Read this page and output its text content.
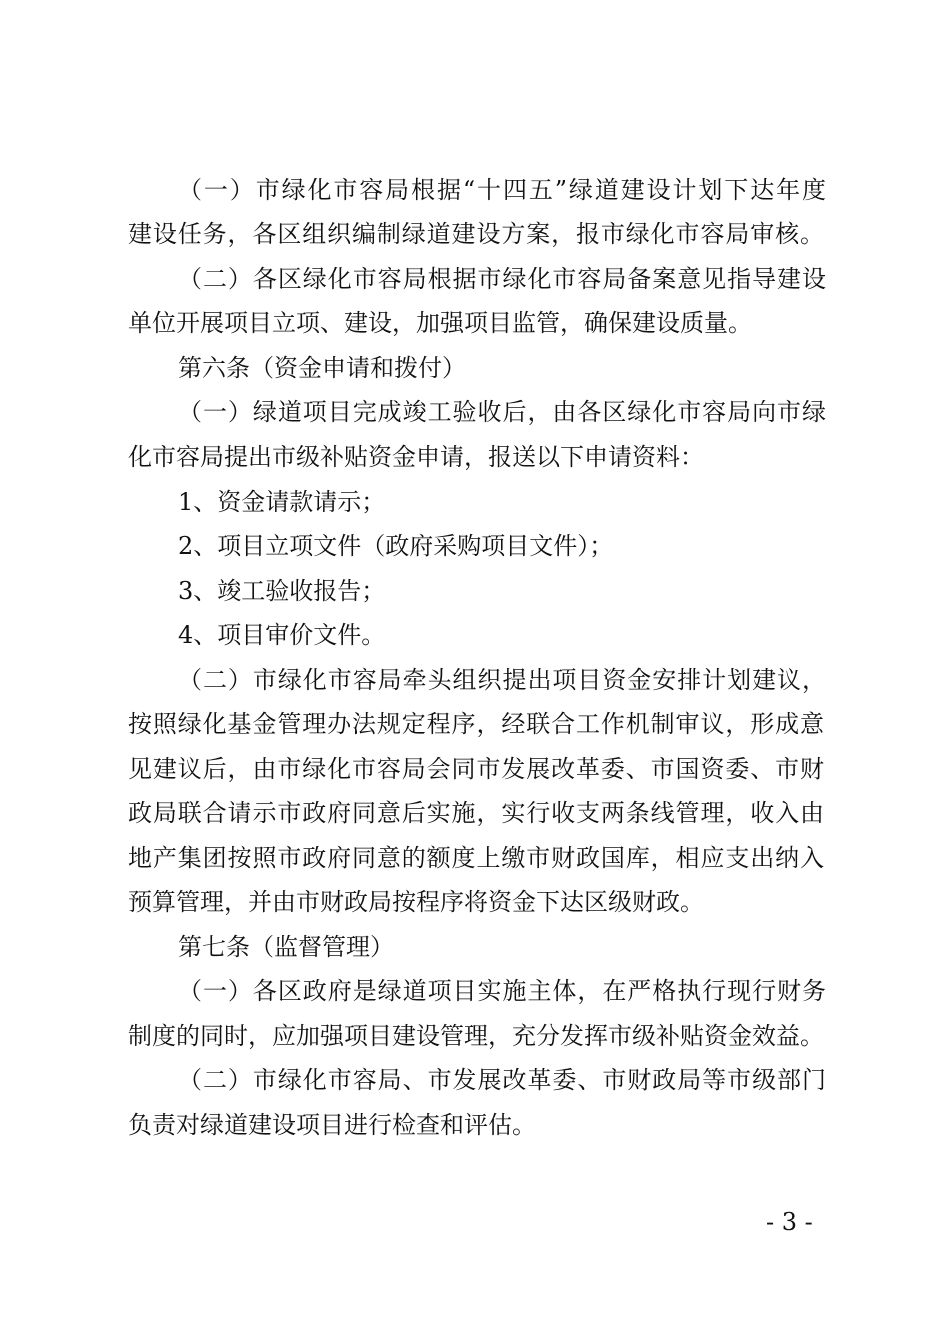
（一）市绿化市容局根据“十四五”绿道建设计划下达年度
建设任务，各区组织编制绿道建设方案，报市绿化市容局审核。
（二）各区绿化市容局根据市绿化市容局备案意见指导建设
单位开展项目立项、建设，加强项目监管，确保建设质量。
第六条（资金申请和拨付）
（一）绿道项目完成竣工验收后，由各区绿化市容局向市绿
化市容局提出市级补贴资金申请，报送以下申请资料：
1、资金请款请示；
2、项目立项文件（政府采购项目文件）；
3、竣工验收报告；
4、项目审价文件。
（二）市绿化市容局牵头组织提出项目资金安排计划建议，
按照绿化基金管理办法规定程序，经联合工作机制审议，形成意
见建议后，由市绿化市容局会同市发展改革委、市国资委、市财
政局联合请示市政府同意后实施，实行收支两条线管理，收入由
地产集团按照市政府同意的额度上缴市财政国库，相应支出纳入
预算管理，并由市财政局按程序将资金下达区级财政。
第七条（监督管理）
（一）各区政府是绿道项目实施主体，在严格执行现行财务
制度的同时，应加强项目建设管理，充分发挥市级补贴资金效益。
（二）市绿化市容局、市发展改革委、市财政局等市级部门
负责对绿道建设项目进行检查和评估。
- 3 -
